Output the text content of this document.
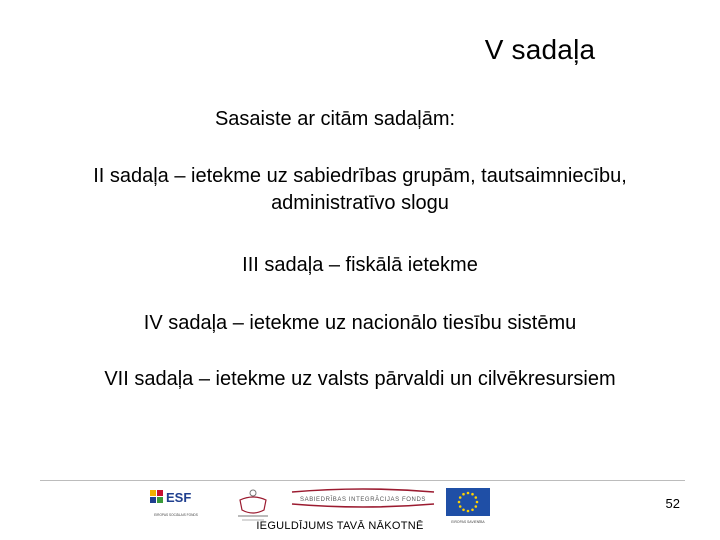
V sadaļa
Sasaiste ar citām sadaļām:
II sadaļa – ietekme uz sabiedrības grupām, tautsaimniecību,
administratīvo slogu
III sadaļa – fiskālā ietekme
IV sadaļa – ietekme uz nacionālo tiesību sistēmu
VII sadaļa – ietekme uz valsts pārvaldi un cilvēkresursiem
52
ESF
EIROPAS SOCIĀLAIS FONDS
SABIEDRĪBAS INTEGRĀCIJAS FONDS
EIROPAS SAVIENĪBA
IEGULDĪJUMS TAVĀ NĀKOTNĒ
